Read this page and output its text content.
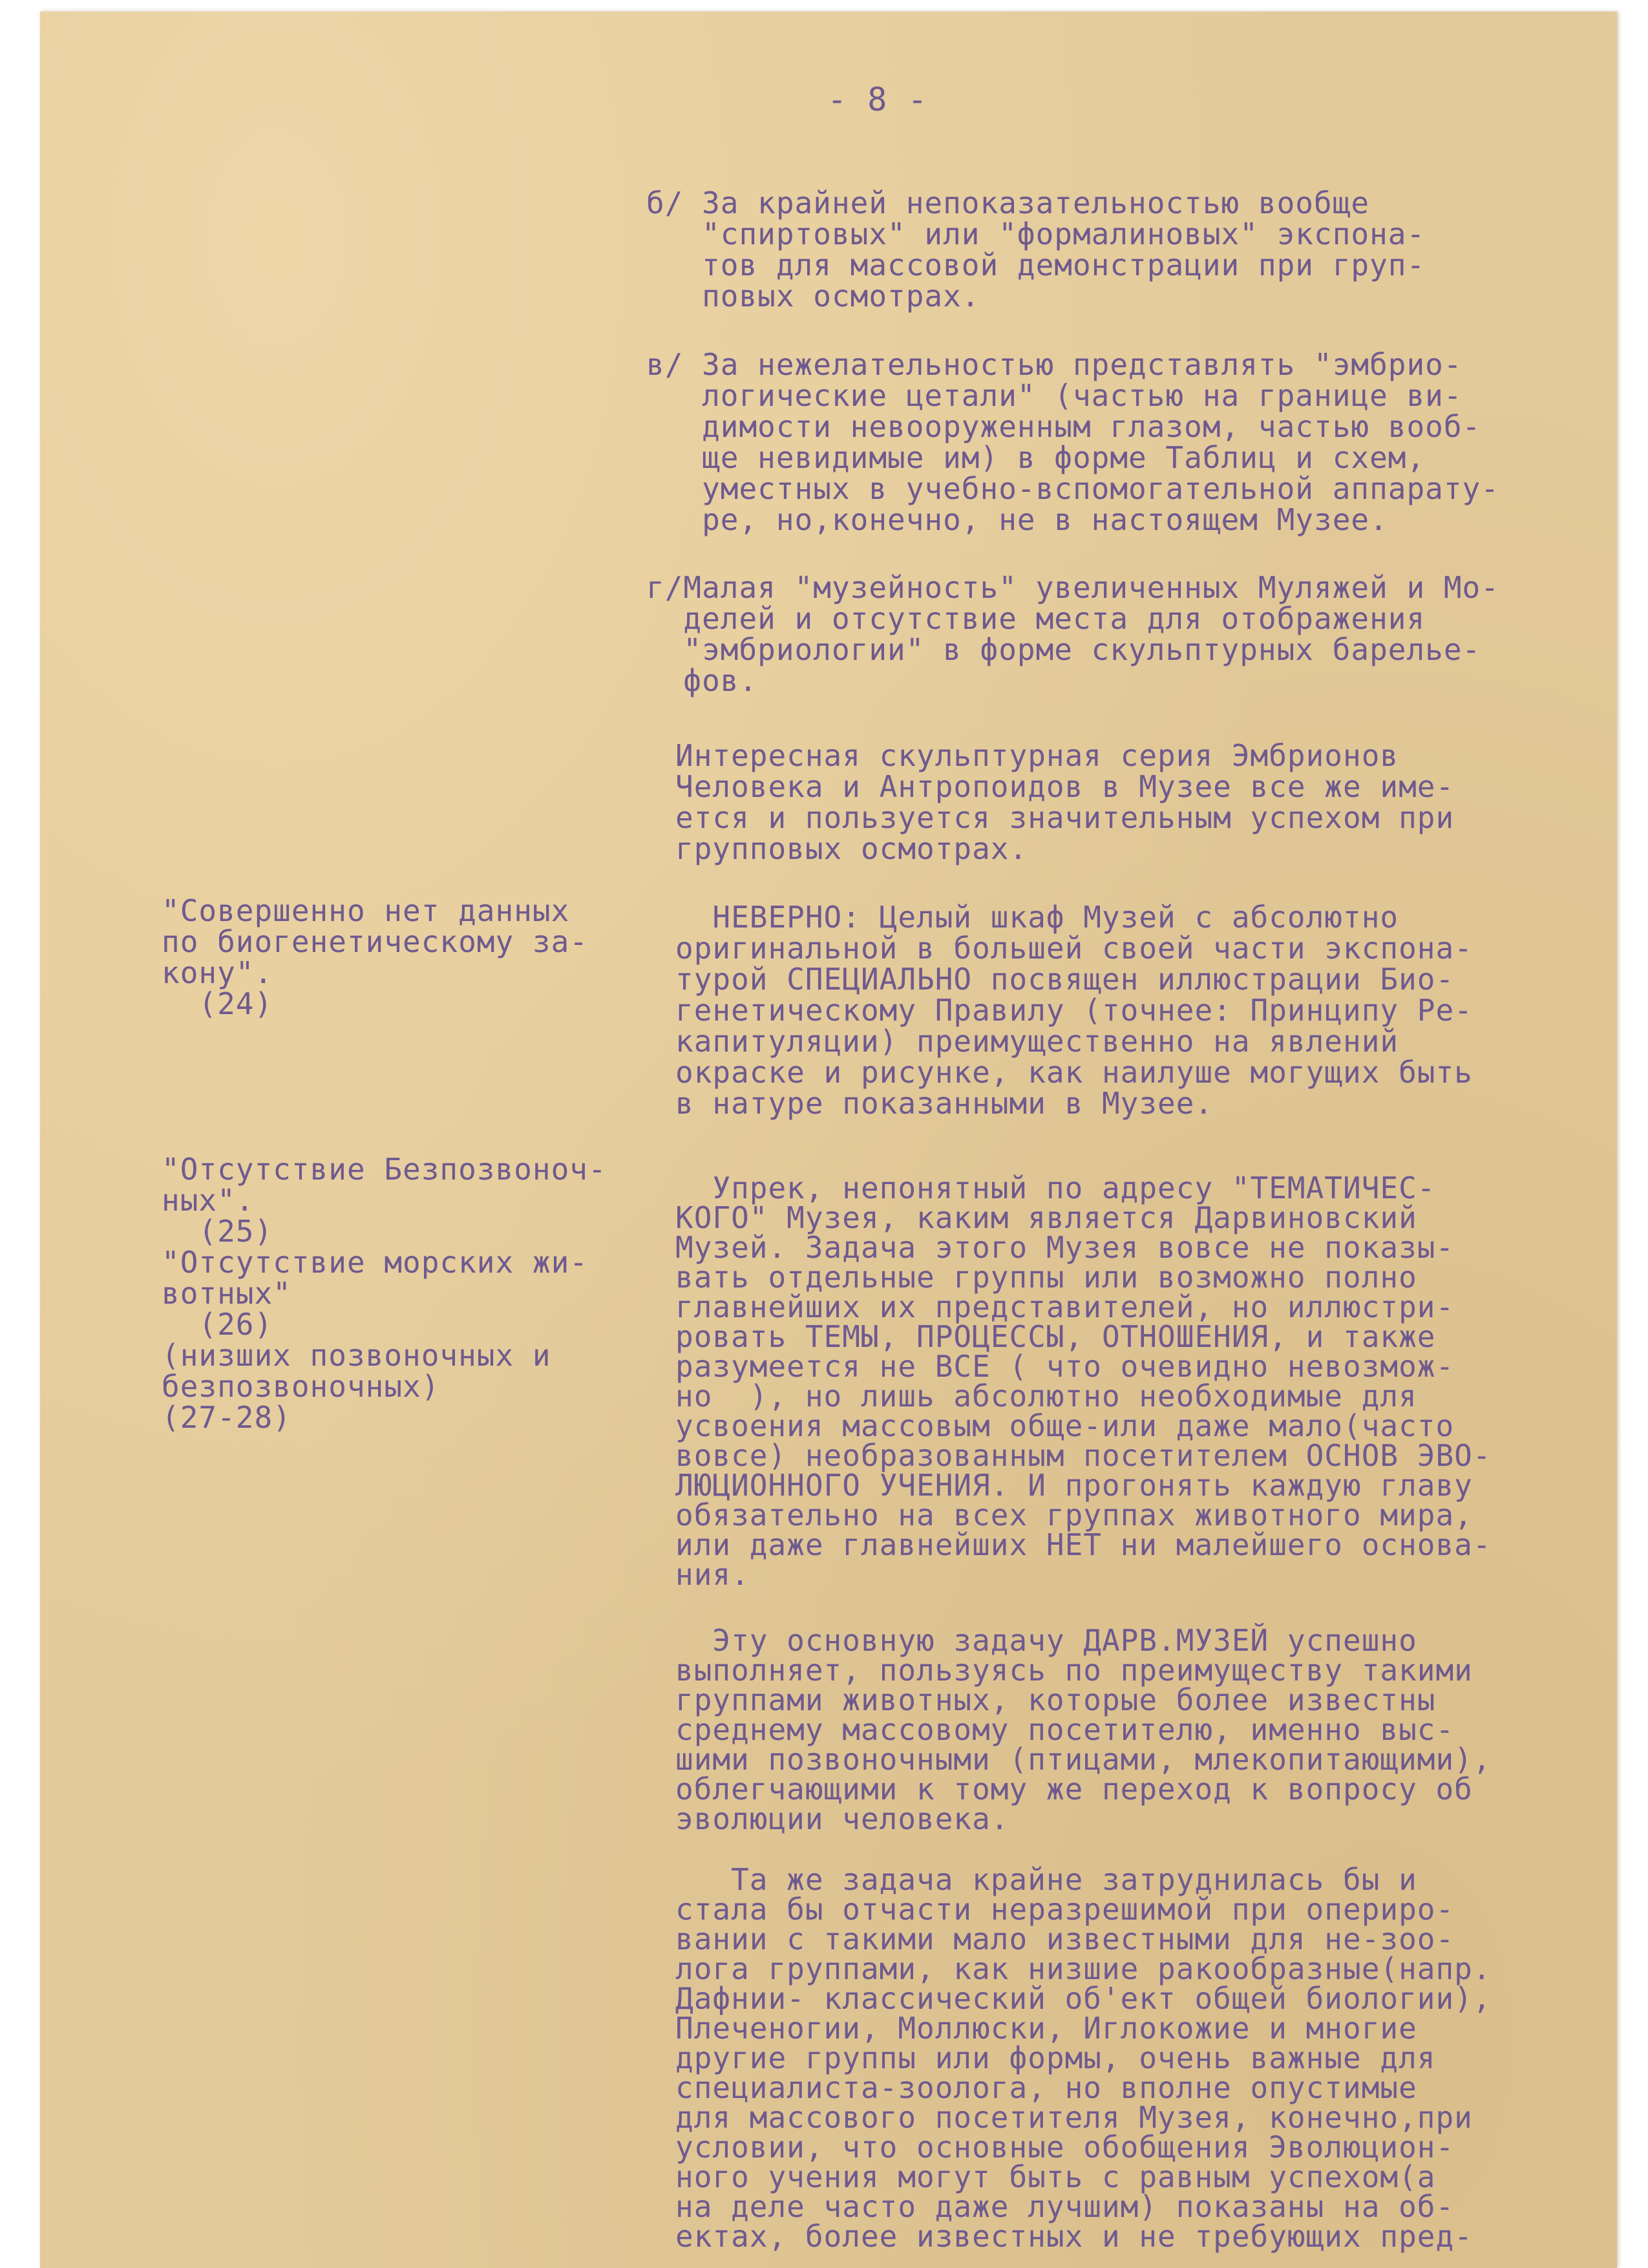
- 8 -
б/ За крайней непоказательностью вообще
"спиртовых" или "формалиновых" экспона-
тов для массовой демонстрации при груп-
повых осмотрах.
в/ За нежелательностью представлять "эмбрио-
логические цетали" (частью на границе ви-
димости невооруженным глазом, частью вооб-
ще невидимые им) в форме Таблиц и схем,
уместных в учебно-вспомогательной аппарату-
ре, но,конечно, не в настоящем Музее.
г/Малая "музейность" увеличенных Муляжей и Мо-
делей и отсутствие места для отображения
"эмбриологии" в форме скульптурных барелье-
фов.
Интересная скульптурная серия Эмбрионов
Человека и Антропоидов в Музее все же име-
ется и пользуется значительным успехом при
групповых осмотрах.
"Совершенно нет данных
по биогенетическому за-
кону".
(24)
НЕВЕРНО: Целый шкаф Музей с абсолютно
оригинальной в большей своей части экспона-
турой СПЕЦИАЛЬНО посвящен иллюстрации Био-
генетическому Правилу (точнее: Принципу Ре-
капитуляции) преимущественно на явлений
окраске и рисунке, как наилуше могущих быть
в натуре показанными в Музее.
"Отсутствие Безпозвоноч-
ных".
(25)
"Отсутствие морских жи-
вотных"
(26)
(низших позвоночных и
безпозвоночных)
(27-28)
Упрек, непонятный по адресу "ТЕМАТИЧЕС-
КОГО" Музея, каким является Дарвиновский
Музей. Задача этого Музея вовсе не показы-
вать отдельные группы или возможно полно
главнейших их представителей, но иллюстри-
ровать ТЕМЫ, ПРОЦЕССЫ, ОТНОШЕНИЯ, и также
разумеется не ВСЕ ( что очевидно невозмож-
но  ), но лишь абсолютно необходимые для
усвоения массовым обще-или даже мало(часто
вовсе) необразованным посетителем ОСНОВ ЭВО-
ЛЮЦИОННОГО УЧЕНИЯ. И прогонять каждую главу
обязательно на всех группах животного мира,
или даже главнейших НЕТ ни малейшего основа-
ния.
Эту основную задачу ДАРВ.МУЗЕЙ успешно
выполняет, пользуясь по преимуществу такими
группами животных, которые более известны
среднему массовому посетителю, именно выс-
шими позвоночными (птицами, млекопитающими),
облегчающими к тому же переход к вопросу об
эволюции человека.
Та же задача крайне затруднилась бы и
стала бы отчасти неразрешимой при опериро-
вании с такими мало известными для не-зоо-
лога группами, как низшие ракообразные(напр.
Дафнии- классический об'ект общей биологии),
Плеченогии, Моллюски, Иглокожие и многие
другие группы или формы, очень важные для
специалиста-зоолога, но вполне опустимые
для массового посетителя Музея, конечно,при
условии, что основные обобщения Эволюцион-
ного учения могут быть с равным успехом(а
на деле часто даже лучшим) показаны на об-
ектах, более известных и не требующих пред-
